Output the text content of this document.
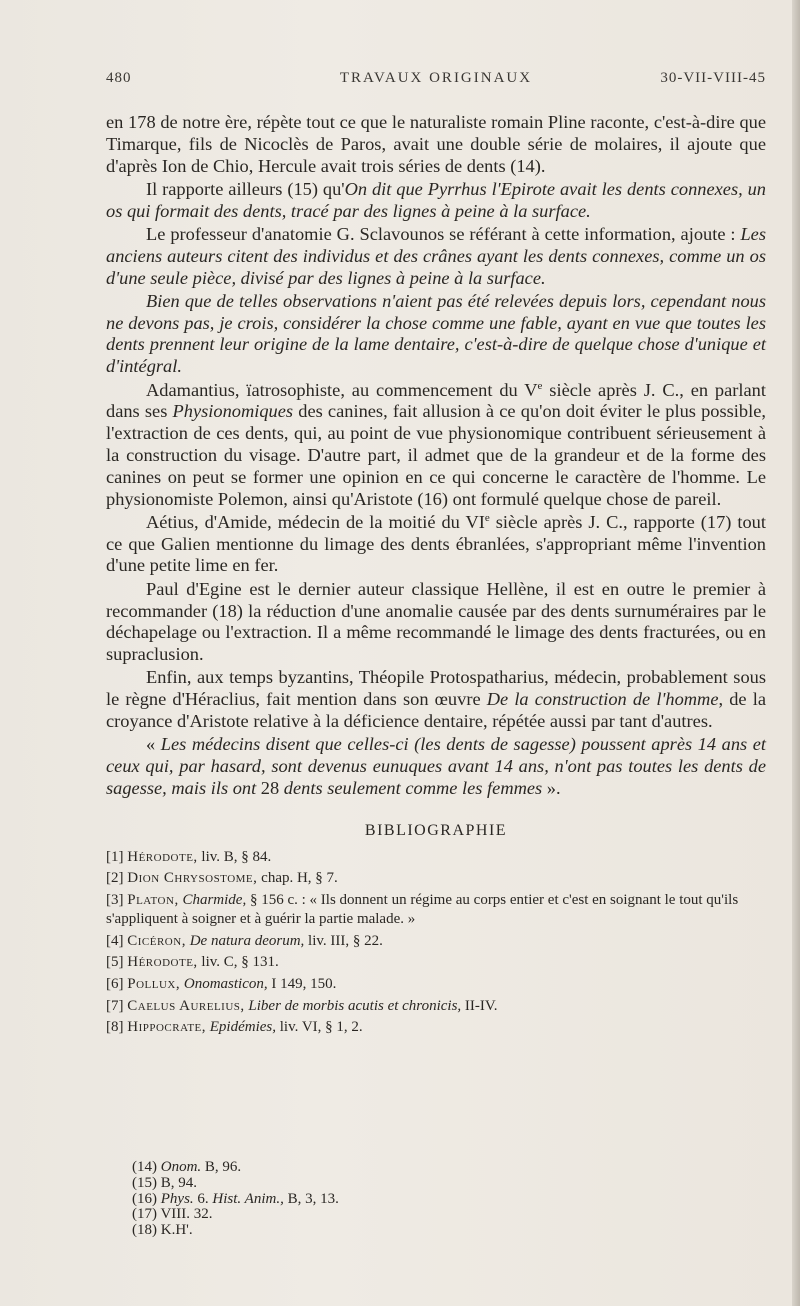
480	TRAVAUX ORIGINAUX	30-VII-VIII-45

en 178 de notre ère, répète tout ce que le naturaliste romain Pline raconte, c'est-à-dire que Timarque, fils de Nicoclès de Paros, avait une double série de molaires, il ajoute que d'après Ion de Chio, Hercule avait trois séries de dents (14).

Il rapporte ailleurs (15) qu'On dit que Pyrrhus l'Epirote avait les dents connexes, un os qui formait des dents, tracé par des lignes à peine à la surface.

Le professeur d'anatomie G. Sclavounos se référant à cette information, ajoute : Les anciens auteurs citent des individus et des crânes ayant les dents connexes, comme un os d'une seule pièce, divisé par des lignes à peine à la surface.

Bien que de telles observations n'aient pas été relevées depuis lors, cependant nous ne devons pas, je crois, considérer la chose comme une fable, ayant en vue que toutes les dents prennent leur origine de la lame dentaire, c'est-à-dire de quelque chose d'unique et d'intégral.

Adamantius, ïatrosophiste, au commencement du Ve siècle après J. C., en parlant dans ses Physionomiques des canines, fait allusion à ce qu'on doit éviter le plus possible, l'extraction de ces dents, qui, au point de vue physionomique contribuent sérieusement à la construction du visage. D'autre part, il admet que de la grandeur et de la forme des canines on peut se former une opinion en ce qui concerne le caractère de l'homme. Le physionomiste Polemon, ainsi qu'Aristote (16) ont formulé quelque chose de pareil.

Aétius, d'Amide, médecin de la moitié du VIe siècle après J. C., rapporte (17) tout ce que Galien mentionne du limage des dents ébranlées, s'appropriant même l'invention d'une petite lime en fer.

Paul d'Egine est le dernier auteur classique Hellène, il est en outre le premier à recommander (18) la réduction d'une anomalie causée par des dents surnuméraires par le déchapelage ou l'extraction. Il a même recommandé le limage des dents fracturées, ou en supraclusion.

Enfin, aux temps byzantins, Théopile Protospatharius, médecin, probablement sous le règne d'Héraclius, fait mention dans son œuvre De la construction de l'homme, de la croyance d'Aristote relative à la déficience dentaire, répétée aussi par tant d'autres.

« Les médecins disent que celles-ci (les dents de sagesse) poussent après 14 ans et ceux qui, par hasard, sont devenus eunuques avant 14 ans, n'ont pas toutes les dents de sagesse, mais ils ont 28 dents seulement comme les femmes ».

BIBLIOGRAPHIE
[1] Hérodote, liv. B, § 84.
[2] Dion Chrysostome, chap. H, § 7.
[3] Platon, Charmide, § 156 c. : « Ils donnent un régime au corps entier et c'est en soignant le tout qu'ils s'appliquent à soigner et à guérir la partie malade. »
[4] Cicéron, De natura deorum, liv. III, § 22.
[5] Hérodote, liv. C, § 131.
[6] Pollux, Onomasticon, I 149, 150.
[7] Caelus Aurelius, Liber de morbis acutis et chronicis, II-IV.
[8] Hippocrate, Epidémies, liv. VI, § 1, 2.
(14) Onom. B, 96.
(15) B, 94.
(16) Phys. 6. Hist. Anim., B, 3, 13.
(17) VIII. 32.
(18) K.H'.
